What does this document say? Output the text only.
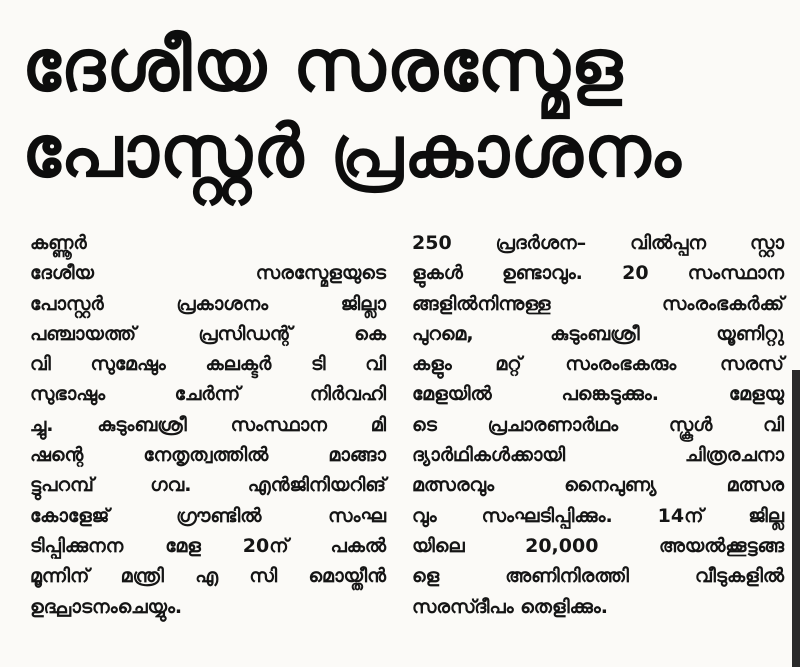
ദേശീയ സരസ്മേള
പോസ്റ്റർ പ്രകാശനം
കണ്ണൂർ
ദേശീയ സരസ്മേളയുടെ
പോസ്റ്റർ പ്രകാശനം ജില്ലാ
പഞ്ചായത്ത് പ്രസിഡന്റ് കെ
വി സുമേഷും കലക്ടർ ടി വി
സുഭാഷും ചേർന്ന് നിർവഹി
ച്ചു. കുടുംബശ്രീ സംസ്ഥാന മി
ഷന്റെ നേതൃത്വത്തിൽ മാങ്ങാ
ട്ടുപറമ്പ് ഗവ. എൻജിനിയറിങ്
കോളേജ് ഗ്രൗണ്ടിൽ സംഘ
ടിപ്പിക്കുനന മേള 20ന് പകൽ
മൂന്നിന് മന്ത്രി എ സി മൊയ്തീൻ
ഉദ്ഘാടനംചെയ്യും.
250 പ്രദർശന– വിൽപ്പന സ്റ്റാ
ളുകൾ ഉണ്ടാവും. 20 സംസ്ഥാന
ങ്ങളിൽനിന്നുള്ള സംരംഭകർക്ക്
പുറമെ, കുടുംബശ്രീ യൂണിറ്റു
കളും മറ്റ് സംരംഭകരും സരസ്
മേളയിൽ പങ്കെടുക്കും. മേളയു
ടെ പ്രചാരണാർഥം സ്കൂൾ വി
ദ്യാർഥികൾക്കായി ചിത്രരചനാ
മത്സരവും നൈപുണ്യ മത്സര
വും സംഘടിപ്പിക്കും. 14ന് ജില്ല
യിലെ 20,000 അയൽക്കൂട്ടങ്ങ
ളെ അണിനിരത്തി വീടുകളിൽ
സരസ്ദീപം തെളിക്കും.
